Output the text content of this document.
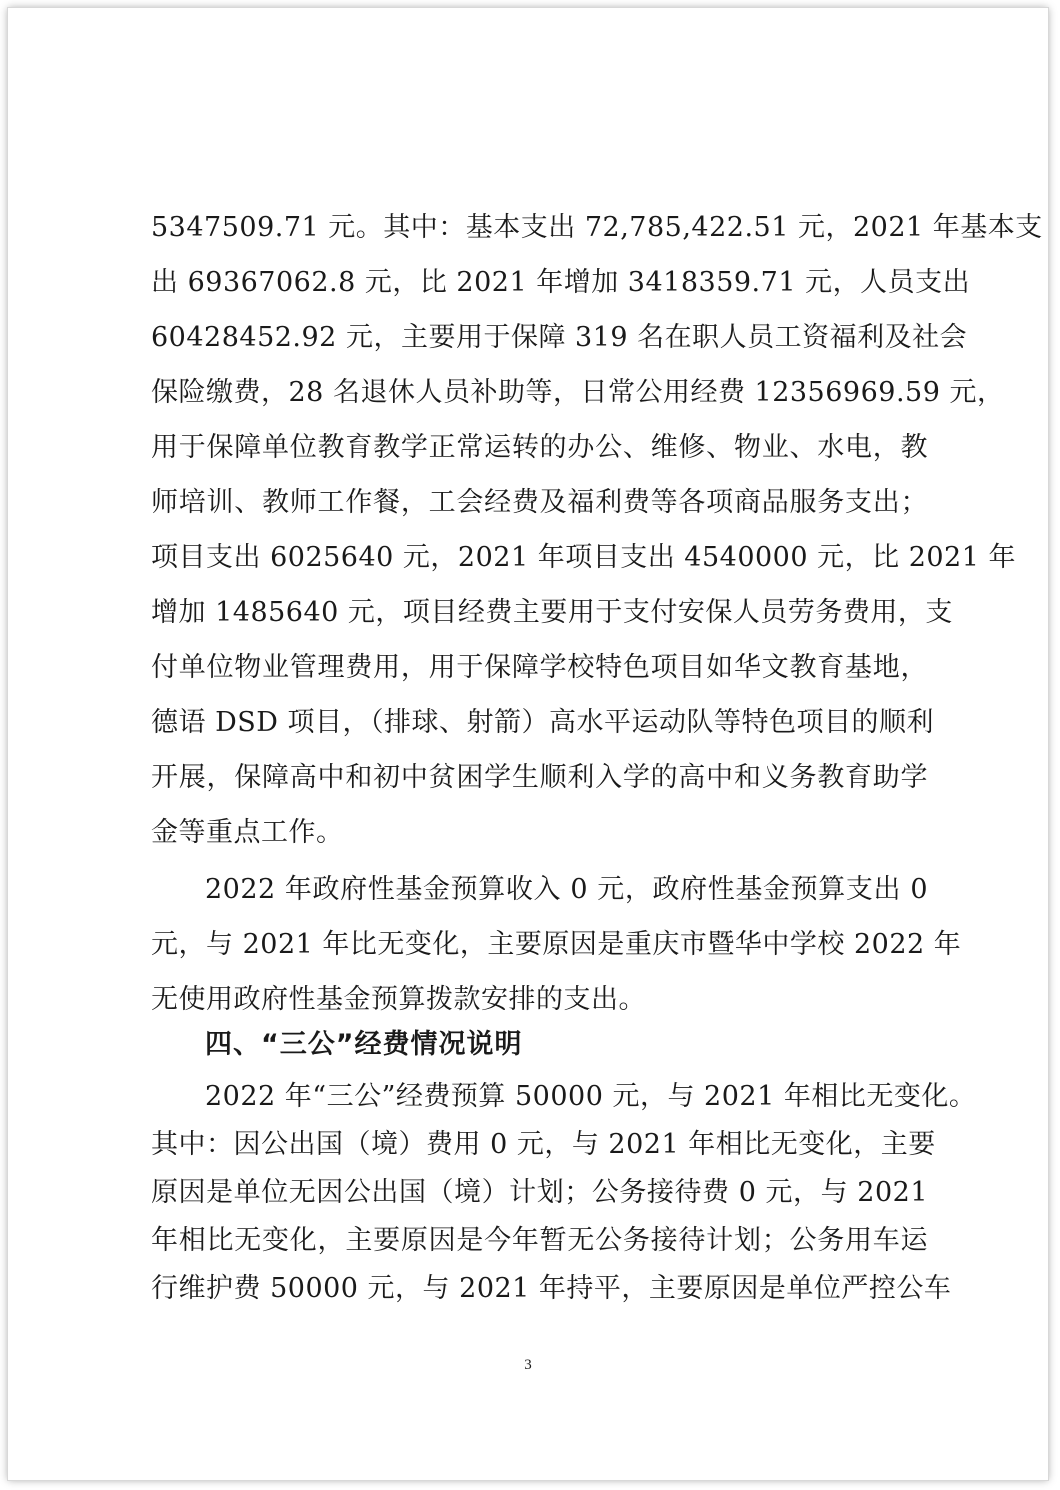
5347509.71 元。其中：基本支出 72,785,422.51 元，2021 年基本支
出 69367062.8 元，比 2021 年增加 3418359.71 元，人员支出
60428452.92 元，主要用于保障 319 名在职人员工资福利及社会
保险缴费，28 名退休人员补助等，日常公用经费 12356969.59 元，
用于保障单位教育教学正常运转的办公、维修、物业、水电，教
师培训、教师工作餐，工会经费及福利费等各项商品服务支出；
项目支出 6025640 元，2021 年项目支出 4540000 元，比 2021 年
增加 1485640 元，项目经费主要用于支付安保人员劳务费用，支
付单位物业管理费用，用于保障学校特色项目如华文教育基地，
德语 DSD 项目，（排球、射箭）高水平运动队等特色项目的顺利
开展，保障高中和初中贫困学生顺利入学的高中和义务教育助学
金等重点工作。
2022 年政府性基金预算收入 0 元，政府性基金预算支出 0
元，与 2021 年比无变化，主要原因是重庆市暨华中学校 2022 年
无使用政府性基金预算拨款安排的支出。
四、“三公”经费情况说明
2022 年“三公”经费预算 50000 元，与 2021 年相比无变化。
其中：因公出国（境）费用 0 元，与 2021 年相比无变化，主要
原因是单位无因公出国（境）计划；公务接待费 0 元，与 2021
年相比无变化，主要原因是今年暂无公务接待计划；公务用车运
行维护费 50000 元，与 2021 年持平，主要原因是单位严控公车
3
